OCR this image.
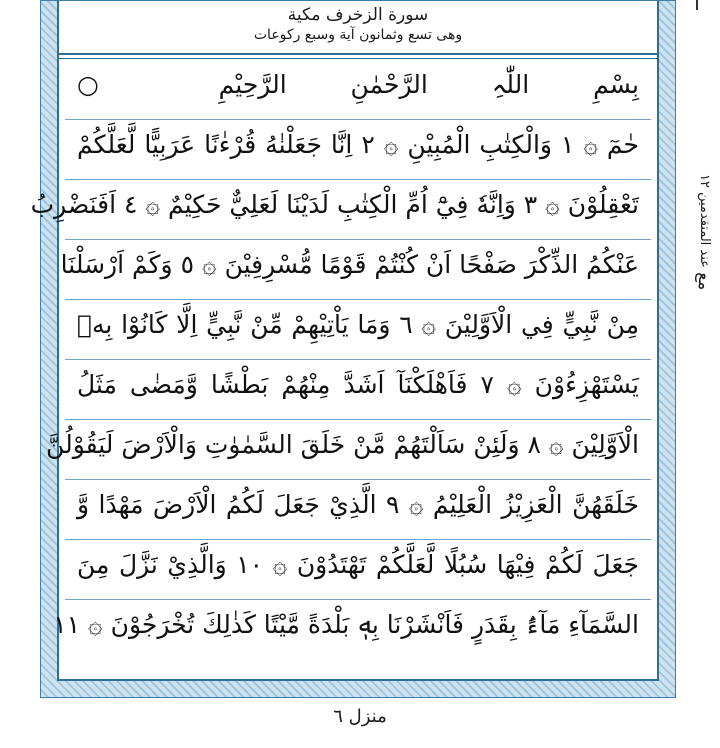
سورة الزخرف مكية
وھی تسع وثمانون آیة وسبع رکوعات
بِسْمِ اللّٰہِ الرَّحْمٰنِ الرَّحِیْمِ ○
حٰمٓ ۞ ١ وَالْكِتٰبِ الْمُبِيْنِ ۞ ٢ اِنَّا جَعَلْنٰهُ قُرْءٰنًا عَرَبِيًّا لَّعَلَّكُمْ
تَعْقِلُوْنَ ۞ ٣ وَاِنَّهٗ فِيْٓ اُمِّ الْكِتٰبِ لَدَيْنَا لَعَلِيٌّ حَكِيْمٌ ۞ ٤ اَفَنَضْرِبُ
عَنْكُمُ الذِّكْرَ صَفْحًا اَنْ كُنْتُمْ قَوْمًا مُّسْرِفِيْنَ ۞ ٥ وَكَمْ اَرْسَلْنَا
مِنْ نَّبِيٍّ فِي الْاَوَّلِيْنَ ۞ ٦ وَمَا يَاْتِيْهِمْ مِّنْ نَّبِيٍّ اِلَّا كَانُوْا بِهٖ
يَسْتَهْزِءُوْنَ ۞ ٧ فَاَهْلَكْنَآ اَشَدَّ مِنْهُمْ بَطْشًا وَّمَضٰى مَثَلُ
الْاَوَّلِيْنَ ۞ ٨ وَلَئِنْ سَاَلْتَهُمْ مَّنْ خَلَقَ السَّمٰوٰتِ وَالْاَرْضَ لَيَقُوْلُنَّ
خَلَقَهُنَّ الْعَزِيْزُ الْعَلِيْمُ ۞ ٩ الَّذِيْ جَعَلَ لَكُمُ الْاَرْضَ مَهْدًا وَّ
جَعَلَ لَكُمْ فِيْهَا سُبُلًا لَّعَلَّكُمْ تَهْتَدُوْنَ ۞ ١٠ وَالَّذِيْ نَزَّلَ مِنَ
السَّمَآءِ مَآءًۢ بِقَدَرٍ فَاَنْشَرْنَا بِهٖ بَلْدَةً مَّيْتًا كَذٰلِكَ تُخْرَجُوْنَ ۞ ١١
مع عند المتقدمین ۱۲
منزل ٦
